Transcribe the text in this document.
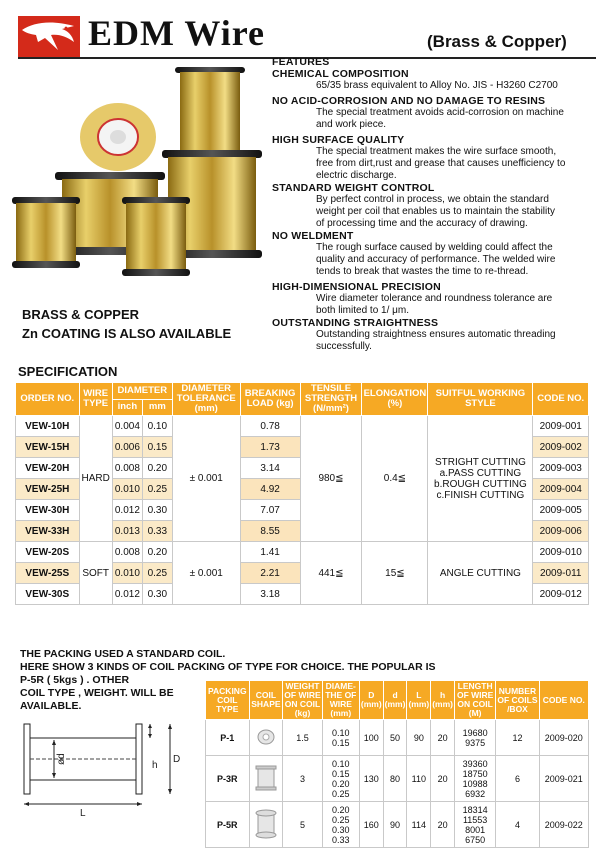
EDM Wire	(Brass & Copper)
FEATURES
CHEMICAL COMPOSITION
65/35 brass equivalent to Alloy No. JIS - H3260 C2700
NO ACID-CORROSION AND NO DAMAGE TO RESINS
The special treatment avoids acid-corrosion on machine
and work piece.
HIGH SURFACE QUALITY
The special treatment makes the wire surface smooth,
free from dirt,rust and grease that causes unefficiency to
electric discharge.
STANDARD WEIGHT CONTROL
By perfect control in process, we obtain the standard
weight per coil that enables us to maintain the stability
of processing time and the accuracy of drawing.
NO WELDMENT
The rough surface caused by welding could affect the
quality and accuracy of performance. The welded wire
tends to break that wastes the time to re-thread.
HIGH-DIMENSIONAL PRECISION
Wire diameter tolerance and roundness tolerance are
both limited to 1/ μm.
OUTSTANDING STRAIGHTNESS
Outstanding straightness ensures automatic threading
successfully.
BRASS & COPPER
Zn COATING IS ALSO AVAILABLE
SPECIFICATION
ORDER NO.	WIRE TYPE	DIAMETER		DIAMETER TOLERANCE (mm)	BREAKING LOAD (kg)	TENSILE STRENGTH (N/mm²)	ELONGATION (%)	SUITFUL WORKING STYLE	CODE NO.
		inch	mm						
VEW-10H	HARD	0.004	0.10	± 0.001	0.78	980≦	0.4≦	STRIGHT CUTTING
a.PASS CUTTING
b.ROUGH CUTTING
c.FINISH CUTTING	2009-001
VEW-15H		0.006	0.15		1.73				2009-002
VEW-20H		0.008	0.20		3.14				2009-003
VEW-25H		0.010	0.25		4.92				2009-004
VEW-30H		0.012	0.30		7.07				2009-005
VEW-33H		0.013	0.33		8.55				2009-006
VEW-20S	SOFT	0.008	0.20	± 0.001	1.41	441≦	15≦	ANGLE CUTTING	2009-010
VEW-25S		0.010	0.25		2.21				2009-011
VEW-30S		0.012	0.30		3.18				2009-012
THE PACKING USED A STANDARD COIL.
HERE SHOW 3 KINDS OF COIL PACKING OF TYPE FOR CHOICE. THE POPULAR IS
P-5R ( 5kgs ) . OTHER
COIL TYPE , WEIGHT. WILL BE
AVAILABLE.
ød
h
D
L
PACKING COIL TYPE	COIL SHAPE	WEIGHT OF WIRE ON COIL (kg)	DIAME- THE OF WIRE (mm)	D (mm)	d (mm)	L (mm)	h (mm)	LENGTH OF WIRE ON COIL (M)	NUMBER OF COILS /BOX	CODE NO.
P-1		1.5	0.10
0.15	100	50	90	20	19680
9375	12	2009-020
P-3R		3	0.10
0.15
0.20
0.25	130	80	110	20	39360
18750
10988
6932	6	2009-021
P-5R		5	0.20
0.25
0.30
0.33	160	90	114	20	18314
11553
8001
6750	4	2009-022
